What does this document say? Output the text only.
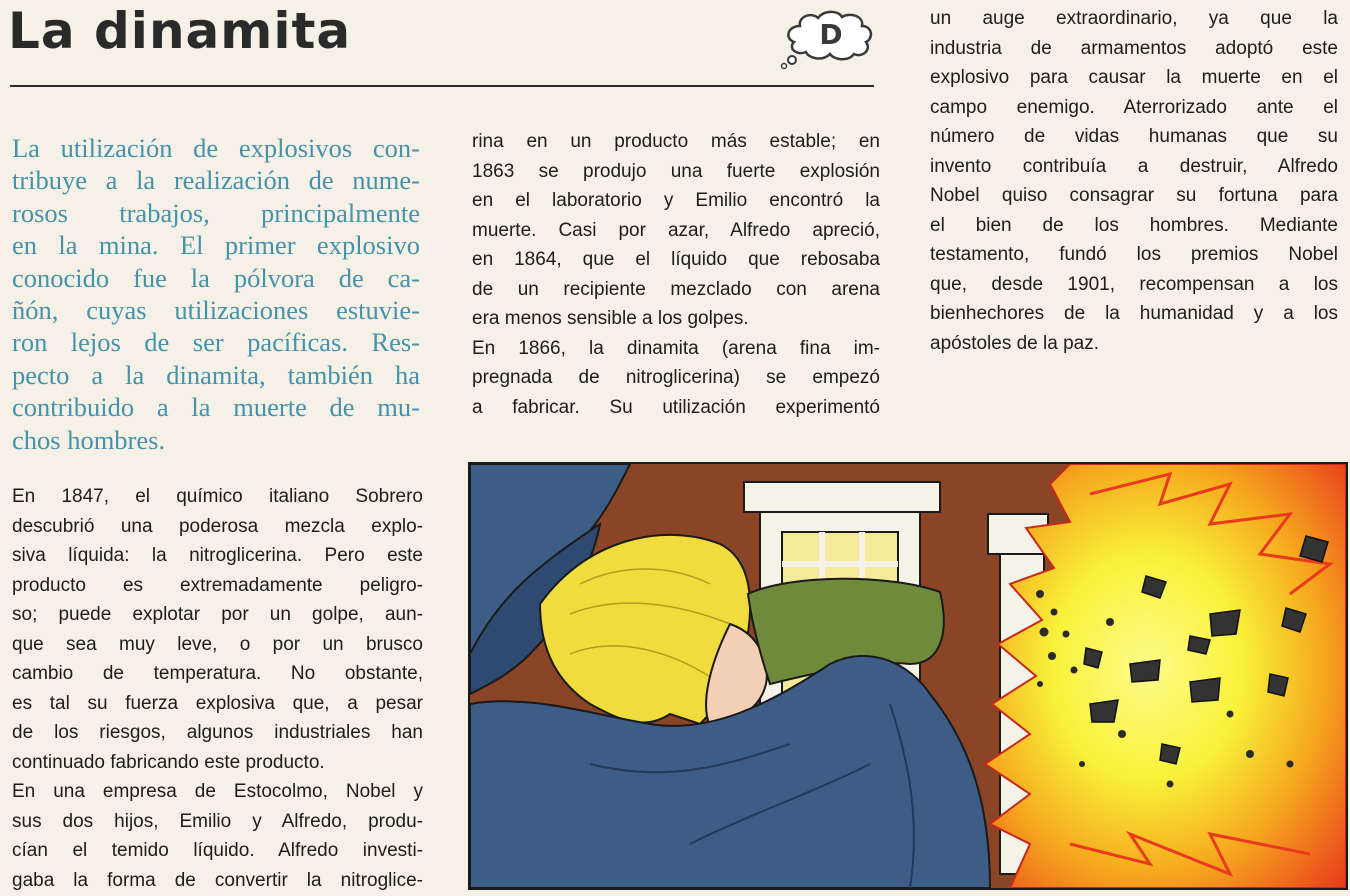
La dinamita	D
La utilización de explosivos con-
tribuye a la realización de nume-
rosos trabajos, principalmente
en la mina. El primer explosivo
conocido fue la pólvora de ca-
ñón, cuyas utilizaciones estuvie-
ron lejos de ser pacíficas. Res-
pecto a la dinamita, también ha
contribuido a la muerte de mu-
chos hombres.
En 1847, el químico italiano Sobrero
descubrió una poderosa mezcla explo-
siva líquida: la nitroglicerina. Pero este
producto es extremadamente peligro-
so; puede explotar por un golpe, aun-
que sea muy leve, o por un brusco
cambio de temperatura. No obstante,
es tal su fuerza explosiva que, a pesar
de los riesgos, algunos industriales han
continuado fabricando este producto.
En una empresa de Estocolmo, Nobel y
sus dos hijos, Emilio y Alfredo, produ-
cían el temido líquido. Alfredo investi-
gaba la forma de convertir la nitroglice-
rina en un producto más estable; en
1863 se produjo una fuerte explosión
en el laboratorio y Emilio encontró la
muerte. Casi por azar, Alfredo apreció,
en 1864, que el líquido que rebosaba
de un recipiente mezclado con arena
era menos sensible a los golpes.
En 1866, la dinamita (arena fina im-
pregnada de nitroglicerina) se empezó
a fabricar. Su utilización experimentó
un auge extraordinario, ya que la
industria de armamentos adoptó este
explosivo para causar la muerte en el
campo enemigo. Aterrorizado ante el
número de vidas humanas que su
invento contribuía a destruir, Alfredo
Nobel quiso consagrar su fortuna para
el bien de los hombres. Mediante
testamento, fundó los premios Nobel
que, desde 1901, recompensan a los
bienhechores de la humanidad y a los
apóstoles de la paz.
